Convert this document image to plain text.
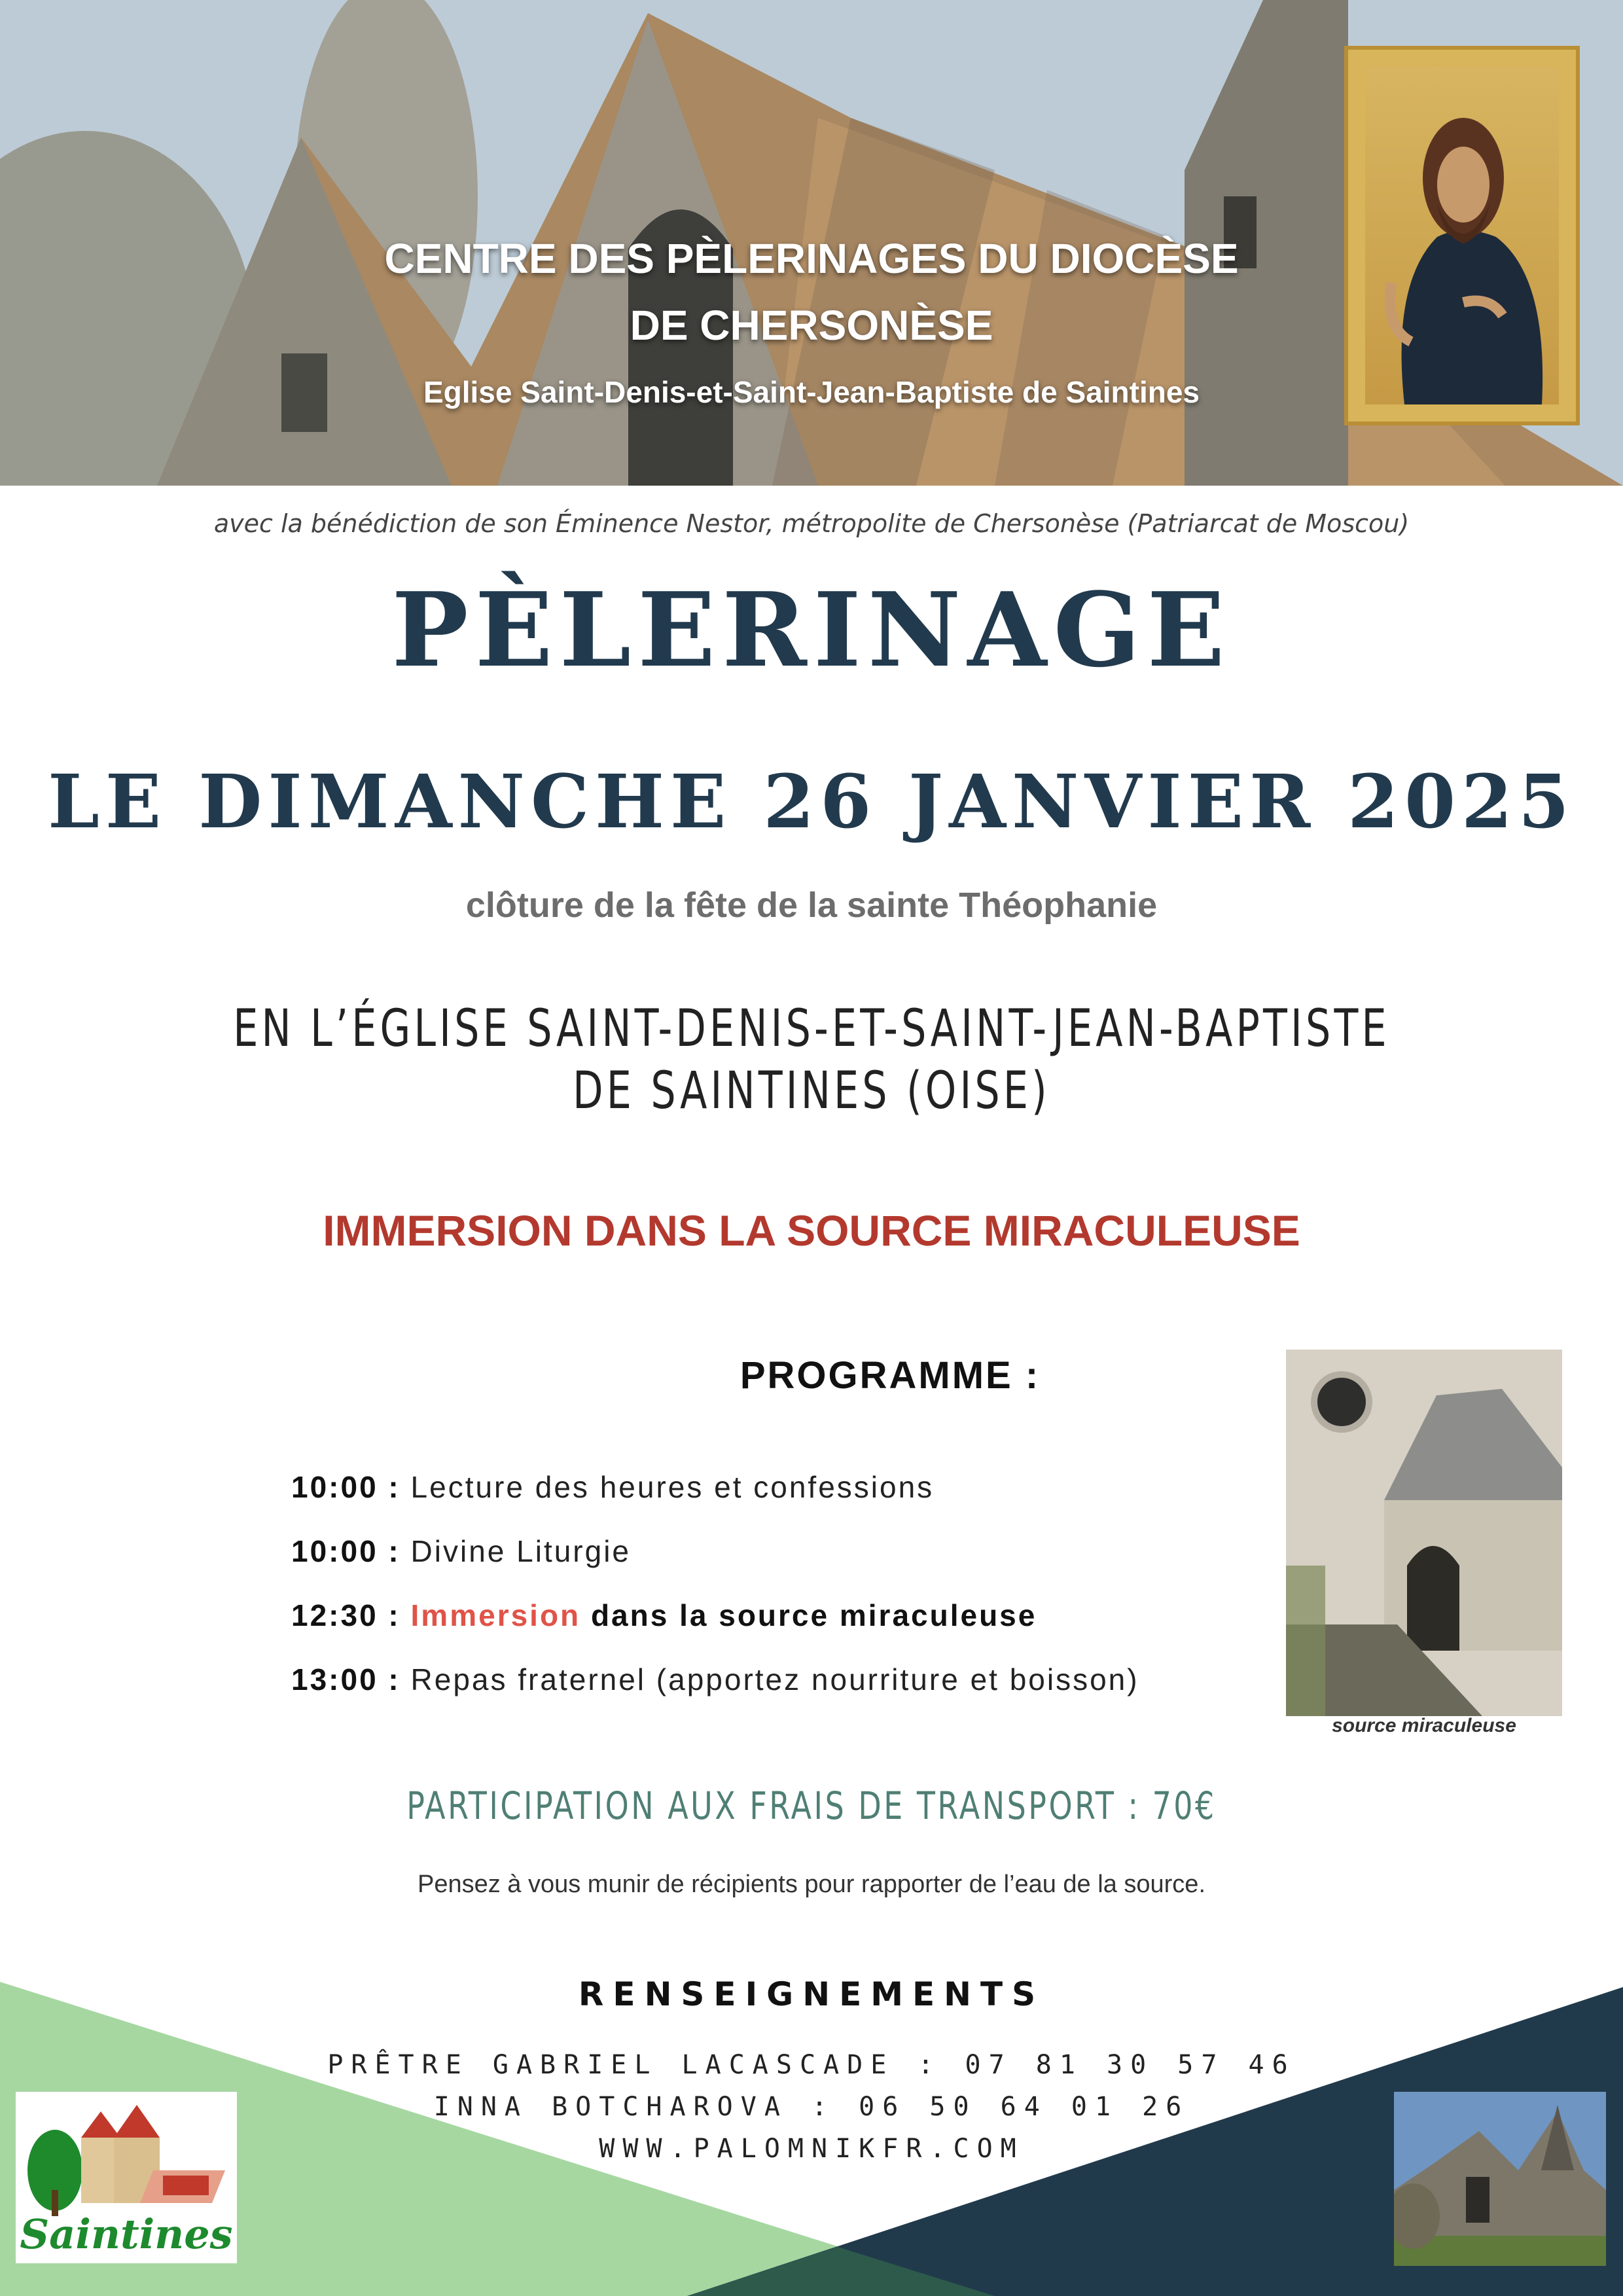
CENTRE DES PÈLERINAGES DU DIOCÈSE
DE CHERSONÈSE
Eglise Saint-Denis-et-Saint-Jean-Baptiste de Saintines
avec la bénédiction de son Éminence Nestor, métropolite de Chersonèse (Patriarcat de Moscou)
PÈLERINAGE
LE DIMANCHE 26 JANVIER 2025
clôture de la fête de la sainte Théophanie
EN L’ÉGLISE SAINT-DENIS-ET-SAINT-JEAN-BAPTISTE
DE SAINTINES (OISE)
IMMERSION DANS LA SOURCE MIRACULEUSE
PROGRAMME :
10:00 : Lecture des heures et confessions
10:00 : Divine Liturgie
12:30 : Immersion dans la source miraculeuse
13:00 : Repas fraternel (apportez nourriture et boisson)
source miraculeuse
PARTICIPATION AUX FRAIS DE TRANSPORT : 70€
Pensez à vous munir de récipients pour rapporter de l’eau de la source.
RENSEIGNEMENTS
PRÊTRE GABRIEL LACASCADE : 07 81 30 57 46
INNA BOTCHAROVA : 06 50 64 01 26
WWW.PALOMNIKFR.COM
Saintines
